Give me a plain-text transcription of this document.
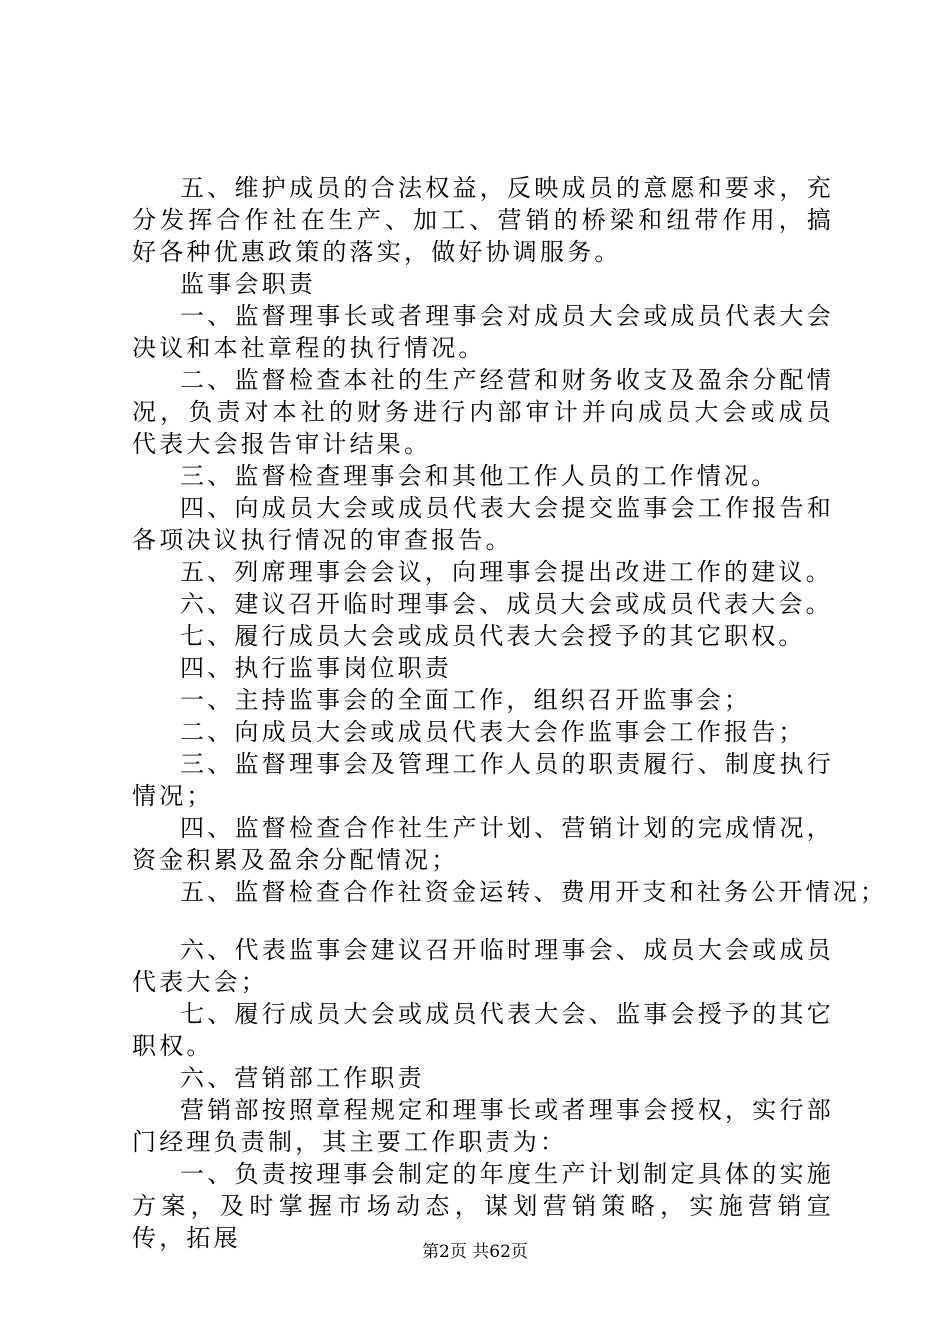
五、维护成员的合法权益，反映成员的意愿和要求，充分发挥合作社在生产、加工、营销的桥梁和纽带作用，搞好各种优惠政策的落实，做好协调服务。

监事会职责

一、监督理事长或者理事会对成员大会或成员代表大会决议和本社章程的执行情况。

二、监督检查本社的生产经营和财务收支及盈余分配情况，负责对本社的财务进行内部审计并向成员大会或成员代表大会报告审计结果。

三、监督检查理事会和其他工作人员的工作情况。

四、向成员大会或成员代表大会提交监事会工作报告和各项决议执行情况的审查报告。

五、列席理事会会议，向理事会提出改进工作的建议。

六、建议召开临时理事会、成员大会或成员代表大会。

七、履行成员大会或成员代表大会授予的其它职权。

四、执行监事岗位职责

一、主持监事会的全面工作，组织召开监事会；

二、向成员大会或成员代表大会作监事会工作报告；

三、监督理事会及管理工作人员的职责履行、制度执行情况；

四、监督检查合作社生产计划、营销计划的完成情况，资金积累及盈余分配情况；

五、监督检查合作社资金运转、费用开支和社务公开情况；

六、代表监事会建议召开临时理事会、成员大会或成员代表大会；

七、履行成员大会或成员代表大会、监事会授予的其它职权。

六、营销部工作职责

营销部按照章程规定和理事长或者理事会授权，实行部门经理负责制，其主要工作职责为：

一、负责按理事会制定的年度生产计划制定具体的实施方案，及时掌握市场动态，谋划营销策略，实施营销宣传，拓展	第2页 共62页
